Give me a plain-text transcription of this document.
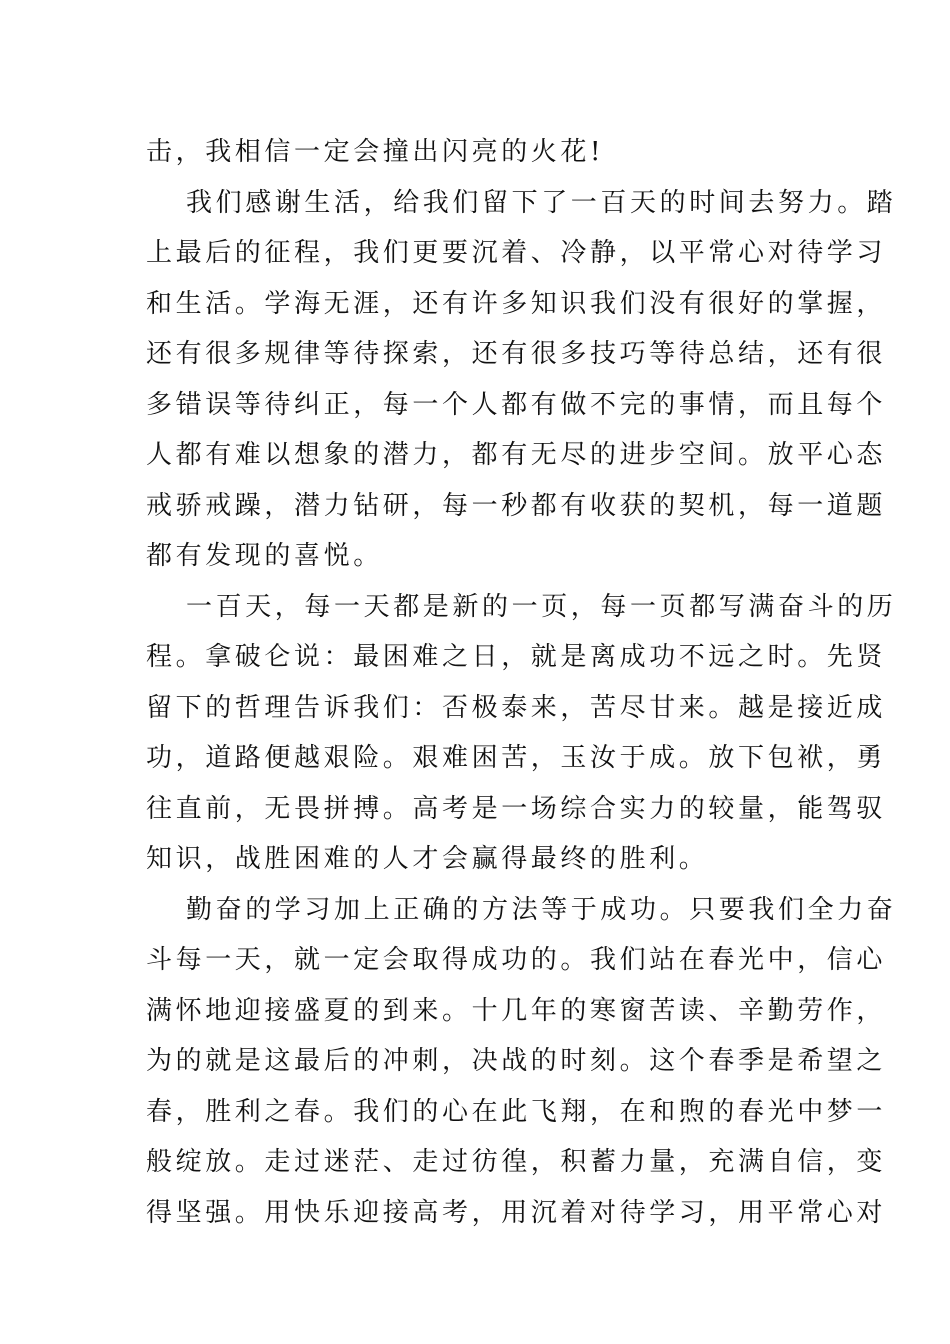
击，我相信一定会撞出闪亮的火花!
我们感谢生活，给我们留下了一百天的时间去努力。踏
上最后的征程，我们更要沉着、冷静，以平常心对待学习
和生活。学海无涯，还有许多知识我们没有很好的掌握，
还有很多规律等待探索，还有很多技巧等待总结，还有很
多错误等待纠正，每一个人都有做不完的事情，而且每个
人都有难以想象的潜力，都有无尽的进步空间。放平心态
戒骄戒躁，潜力钻研，每一秒都有收获的契机，每一道题
都有发现的喜悦。
一百天，每一天都是新的一页，每一页都写满奋斗的历
程。拿破仑说：最困难之日，就是离成功不远之时。先贤
留下的哲理告诉我们：否极泰来，苦尽甘来。越是接近成
功，道路便越艰险。艰难困苦，玉汝于成。放下包袱，勇
往直前，无畏拼搏。高考是一场综合实力的较量，能驾驭
知识，战胜困难的人才会赢得最终的胜利。
勤奋的学习加上正确的方法等于成功。只要我们全力奋
斗每一天，就一定会取得成功的。我们站在春光中，信心
满怀地迎接盛夏的到来。十几年的寒窗苦读、辛勤劳作，
为的就是这最后的冲刺，决战的时刻。这个春季是希望之
春，胜利之春。我们的心在此飞翔，在和煦的春光中梦一
般绽放。走过迷茫、走过彷徨，积蓄力量，充满自信，变
得坚强。用快乐迎接高考，用沉着对待学习，用平常心对
